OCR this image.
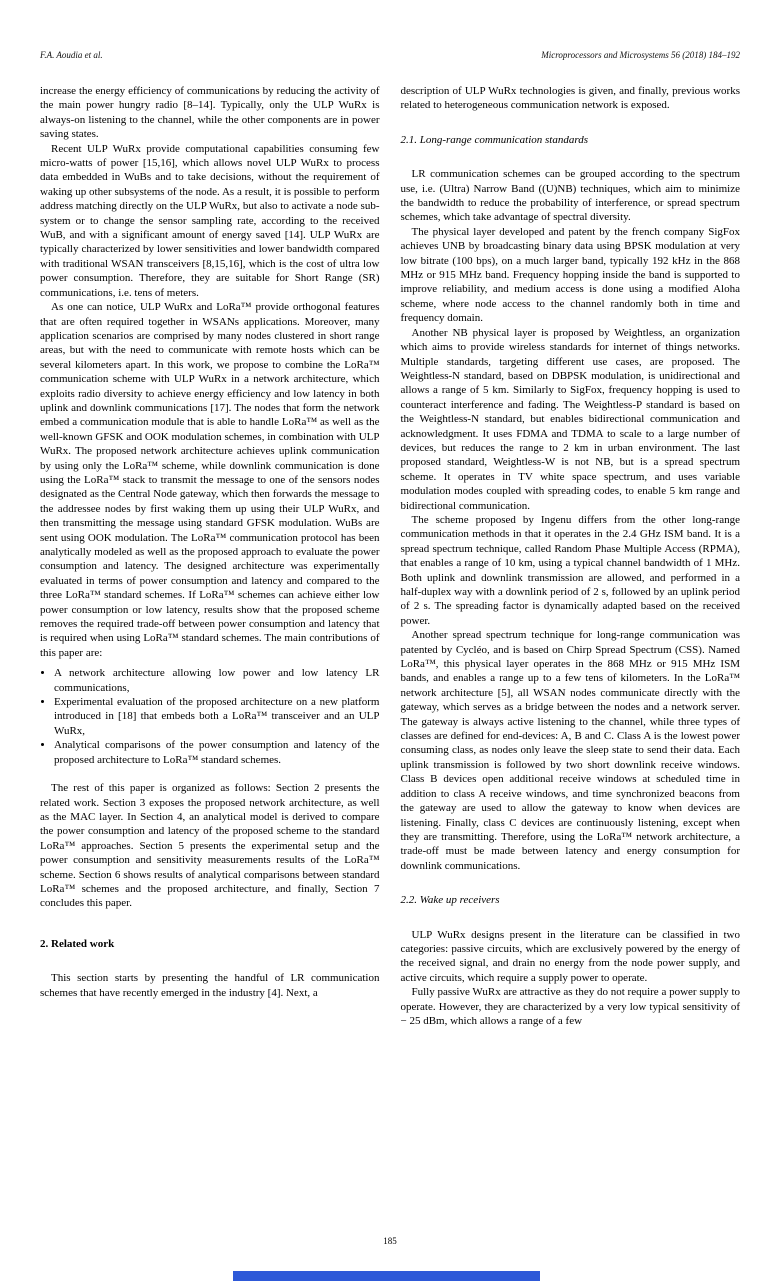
F.A. Aoudia et al.	Microprocessors and Microsystems 56 (2018) 184–192

increase the energy efficiency of communications by reducing the activity of the main power hungry radio [8–14]. Typically, only the ULP WuRx is always-on listening to the channel, while the other components are in power saving states.

Recent ULP WuRx provide computational capabilities consuming few micro-watts of power [15,16], which allows novel ULP WuRx to process data embedded in WuBs and to take decisions, without the requirement of waking up other subsystems of the node. As a result, it is possible to perform address matching directly on the ULP WuRx, but also to activate a node sub-system or to change the sensor sampling rate, according to the received WuB, and with a significant amount of energy saved [14]. ULP WuRx are typically characterized by lower sensitivities and lower bandwidth compared with traditional WSAN transceivers [8,15,16], which is the cost of ultra low power consumption. Therefore, they are suitable for Short Range (SR) communications, i.e. tens of meters.

As one can notice, ULP WuRx and LoRa™ provide orthogonal features that are often required together in WSANs applications. Moreover, many application scenarios are comprised by many nodes clustered in short range areas, but with the need to communicate with remote hosts which can be several kilometers apart. In this work, we propose to combine the LoRa™ communication scheme with ULP WuRx in a network architecture, which exploits radio diversity to achieve energy efficiency and low latency in both uplink and downlink communications [17]. The nodes that form the network embed a communication module that is able to handle LoRa™ as well as the well-known GFSK and OOK modulation schemes, in combination with ULP WuRx. The proposed network architecture achieves uplink communication by using only the LoRa™ scheme, while downlink communication is done using the LoRa™ stack to transmit the message to one of the sensors nodes designated as the Central Node gateway, which then forwards the message to the addressee nodes by first waking them up using their ULP WuRx, and then transmitting the message using standard GFSK modulation. WuBs are sent using OOK modulation. The LoRa™ communication protocol has been analytically modeled as well as the proposed approach to evaluate the power consumption and latency. The designed architecture was experimentally evaluated in terms of power consumption and latency and compared to the three LoRa™ standard schemes. If LoRa™ schemes can achieve either low power consumption or low latency, results show that the proposed scheme removes the required trade-off between power consumption and latency that is required when using LoRa™ standard schemes. The main contributions of this paper are:

• A network architecture allowing low power and low latency LR communications,
• Experimental evaluation of the proposed architecture on a new platform introduced in [18] that embeds both a LoRa™ transceiver and an ULP WuRx,
• Analytical comparisons of the power consumption and latency of the proposed architecture to LoRa™ standard schemes.

The rest of this paper is organized as follows: Section 2 presents the related work. Section 3 exposes the proposed network architecture, as well as the MAC layer. In Section 4, an analytical model is derived to compare the power consumption and latency of the proposed scheme to the standard LoRa™ approaches. Section 5 presents the experimental setup and the power consumption and sensitivity measurements results of the LoRa™ scheme. Section 6 shows results of analytical comparisons between standard LoRa™ schemes and the proposed architecture, and finally, Section 7 concludes this paper.

2. Related work

This section starts by presenting the handful of LR communication schemes that have recently emerged in the industry [4]. Next, a

description of ULP WuRx technologies is given, and finally, previous works related to heterogeneous communication network is exposed.

2.1. Long-range communication standards

LR communication schemes can be grouped according to the spectrum use, i.e. (Ultra) Narrow Band ((U)NB) techniques, which aim to minimize the bandwidth to reduce the probability of interference, or spread spectrum schemes, which take advantage of spectral diversity.

The physical layer developed and patent by the french company SigFox achieves UNB by broadcasting binary data using BPSK modulation at very low bitrate (100 bps), on a much larger band, typically 192 kHz in the 868 MHz or 915 MHz band. Frequency hopping inside the band is supported to improve reliability, and medium access is done using a modified Aloha scheme, where node access to the channel randomly both in time and frequency domain.

Another NB physical layer is proposed by Weightless, an organization which aims to provide wireless standards for internet of things networks. Multiple standards, targeting different use cases, are proposed. The Weightless-N standard, based on DBPSK modulation, is unidirectional and allows a range of 5 km. Similarly to SigFox, frequency hopping is used to counteract interference and fading. The Weightless-P standard is based on the Weightless-N standard, but enables bidirectional communication and acknowledgment. It uses FDMA and TDMA to scale to a large number of devices, but reduces the range to 2 km in urban environment. The last proposed standard, Weightless-W is not NB, but is a spread spectrum scheme. It operates in TV white space spectrum, and uses variable modulation modes coupled with spreading codes, to enable 5 km range and bidirectional communication.

The scheme proposed by Ingenu differs from the other long-range communication methods in that it operates in the 2.4 GHz ISM band. It is a spread spectrum technique, called Random Phase Multiple Access (RPMA), that enables a range of 10 km, using a typical channel bandwidth of 1 MHz. Both uplink and downlink transmission are allowed, and performed in a half-duplex way with a downlink period of 2 s, followed by an uplink period of 2 s. The spreading factor is dynamically adapted based on the received power.

Another spread spectrum technique for long-range communication was patented by Cycléo, and is based on Chirp Spread Spectrum (CSS). Named LoRa™, this physical layer operates in the 868 MHz or 915 MHz ISM bands, and enables a range up to a few tens of kilometers. In the LoRa™ network architecture [5], all WSAN nodes communicate directly with the gateway, which serves as a bridge between the nodes and a network server. The gateway is always active listening to the channel, while three types of classes are defined for end-devices: A, B and C. Class A is the lowest power consuming class, as nodes only leave the sleep state to send their data. Each uplink transmission is followed by two short downlink receive windows. Class B devices open additional receive windows at scheduled time in addition to class A receive windows, and time synchronized beacons from the gateway are used to allow the gateway to know when devices are listening. Finally, class C devices are continuously listening, except when they are transmitting. Therefore, using the LoRa™ network architecture, a trade-off must be made between latency and energy consumption for downlink communications.

2.2. Wake up receivers

ULP WuRx designs present in the literature can be classified in two categories: passive circuits, which are exclusively powered by the energy of the received signal, and drain no energy from the node power supply, and active circuits, which require a supply power to operate.

Fully passive WuRx are attractive as they do not require a power supply to operate. However, they are characterized by a very low typical sensitivity of − 25 dBm, which allows a range of a few

185
